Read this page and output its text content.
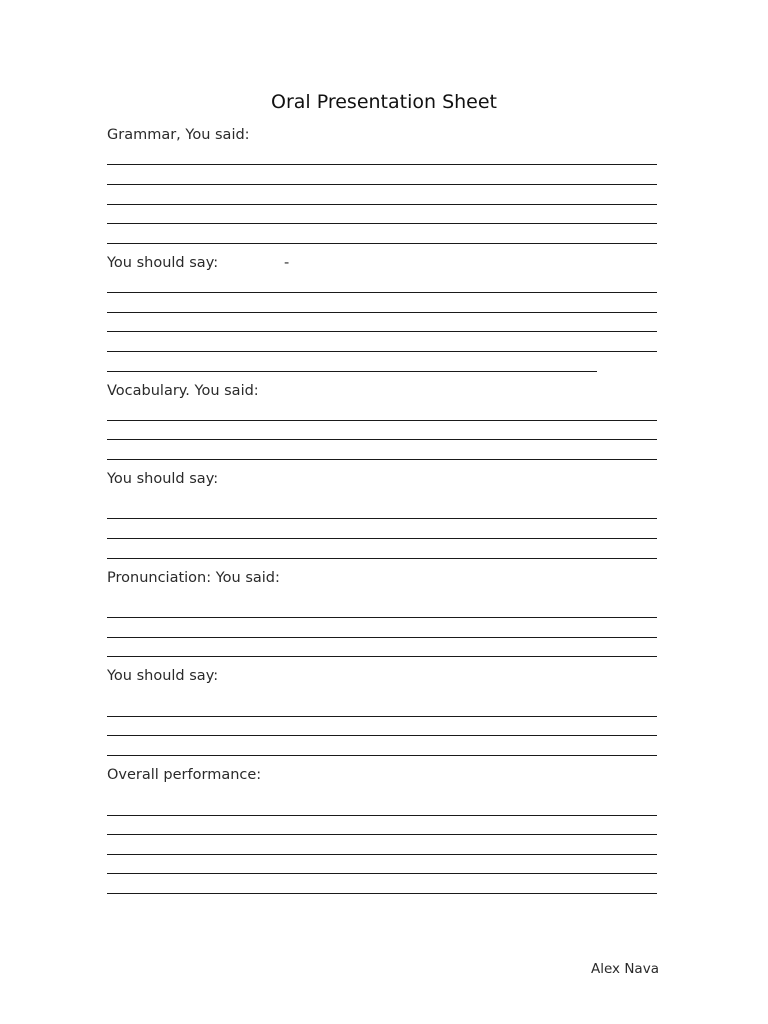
Oral Presentation Sheet
Grammar, You said:
You should say:	-
Vocabulary. You said:
You should say:
Pronunciation: You said:
You should say:
Overall performance:
Alex Nava
